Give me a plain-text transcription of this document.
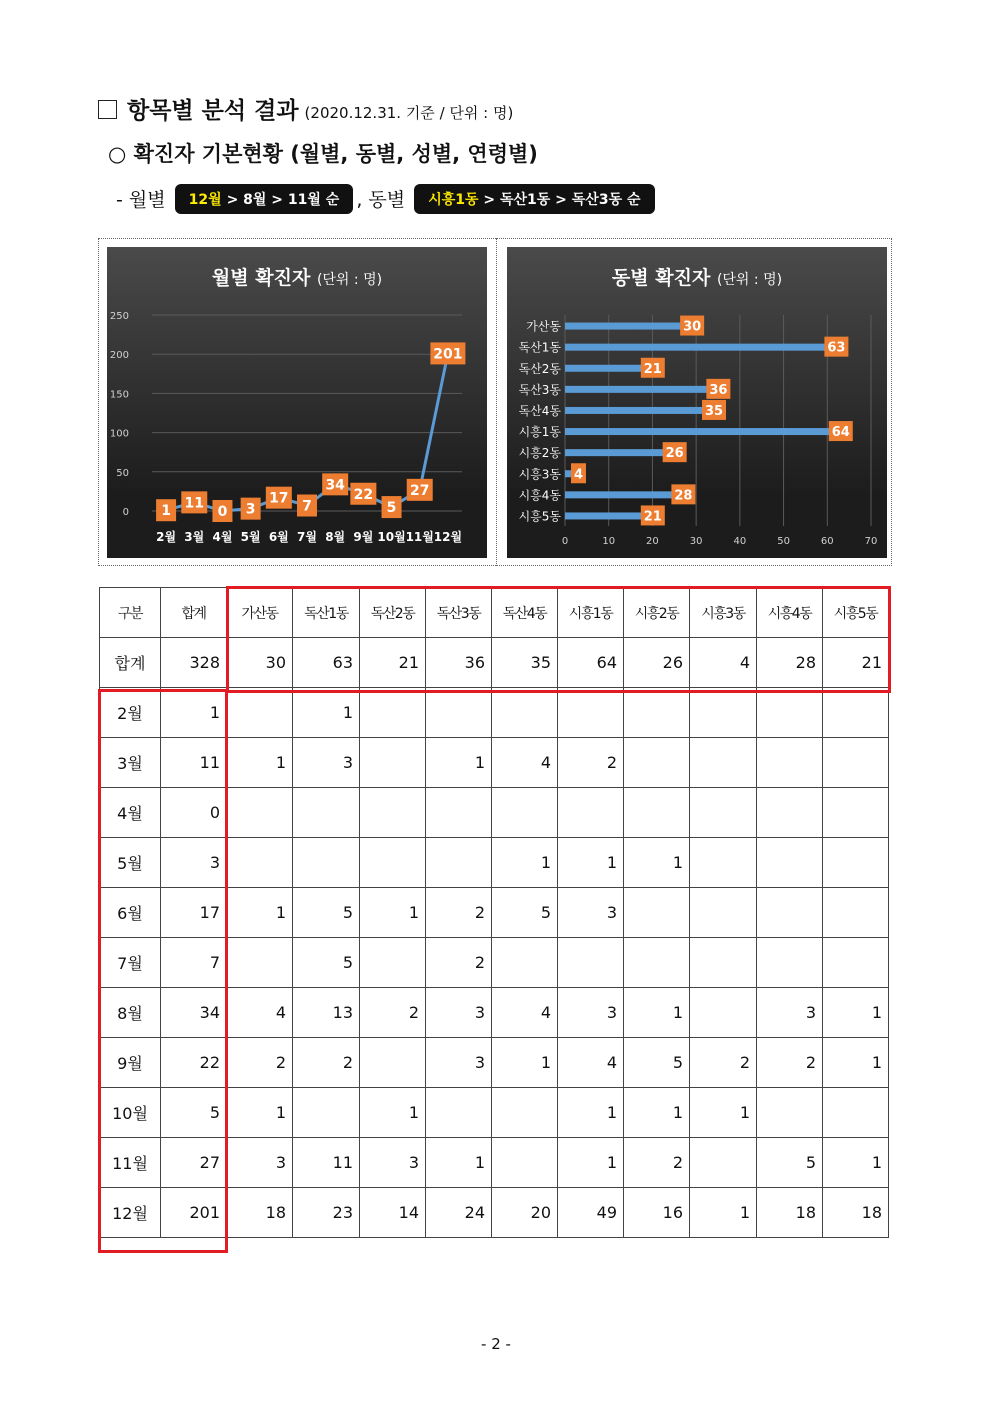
항목별 분석 결과 (2020.12.31. 기준 / 단위 : 명)
○ 확진자 기본현황 (월별, 동별, 성별, 연령별)
- 월별 12월 > 8월 > 11월 순 , 동별 시흥1동 > 독산1동 > 독산3동 순
월별 확진자 (단위 : 명)
0
50
100
150
200
250
1
2월
11
3월
0
4월
3
5월
17
6월
7
7월
34
8월
22
9월
5
10월
27
11월
201
12월
동별 확진자 (단위 : 명)
0	10	20	30	40	50	60	70
가산동	30
독산1동	63
독산2동	21
독산3동	36
독산4동	35
시흥1동	64
시흥2동	26
시흥3동 4
시흥4동	28
시흥5동	21
구분	합계	가산동	독산1동	독산2동	독산3동	독산4동	시흥1동	시흥2동	시흥3동	시흥4동	시흥5동
합계	328	30	63	21	36	35	64	26	4	28	21
2월	1		1								
3월	11	1	3		1	4	2				
4월	0										
5월	3					1	1	1			
6월	17	1	5	1	2	5	3				
7월	7		5		2						
8월	34	4	13	2	3	4	3	1		3	1
9월	22	2	2		3	1	4	5	2	2	1
10월	5	1		1			1	1	1		
11월	27	3	11	3	1		1	2		5	1
12월	201	18	23	14	24	20	49	16	1	18	18
- 2 -
